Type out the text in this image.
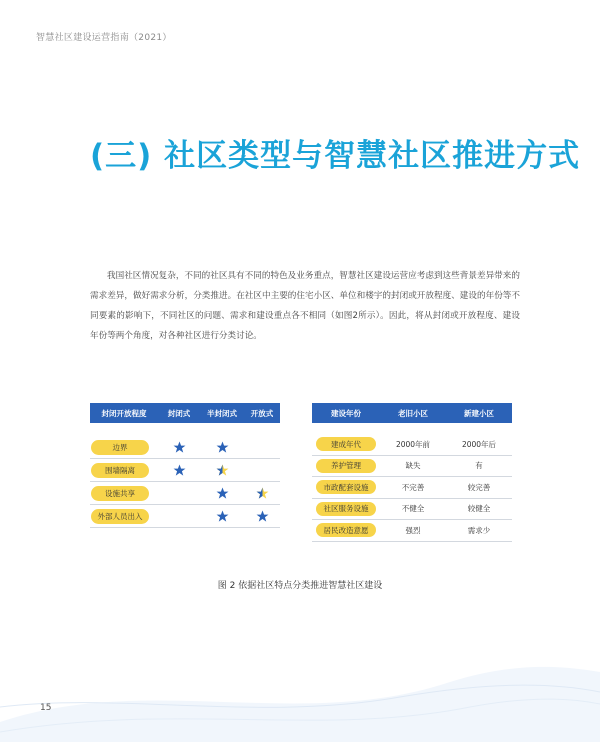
智慧社区建设运营指南（2021）
(三) 社区类型与智慧社区推进方式

我国社区情况复杂，不同的社区具有不同的特色及业务重点，智慧社区建设运营应考虑到这些背景差异带来的需求差异，做好需求分析，分类推进。在社区中主要的住宅小区、单位和楼宇的封闭或开放程度、建设的年份等不同要素的影响下，不同社区的问题、需求和建设重点各不相同（如图2所示）。因此，将从封闭或开放程度、建设年份等两个角度，对各种社区进行分类讨论。

封闭开放程度	封闭式	半封闭式	开放式
边界
围墙隔离
设施共享
外部人员出入
建设年份	老旧小区	新建小区
建成年代	2000年前	2000年后
养护管理	缺失	有
市政配套设施	不完善	较完善
社区服务设施	不健全	较健全
居民改造意愿	强烈	需求少
图 2 依据社区特点分类推进智慧社区建设
15
